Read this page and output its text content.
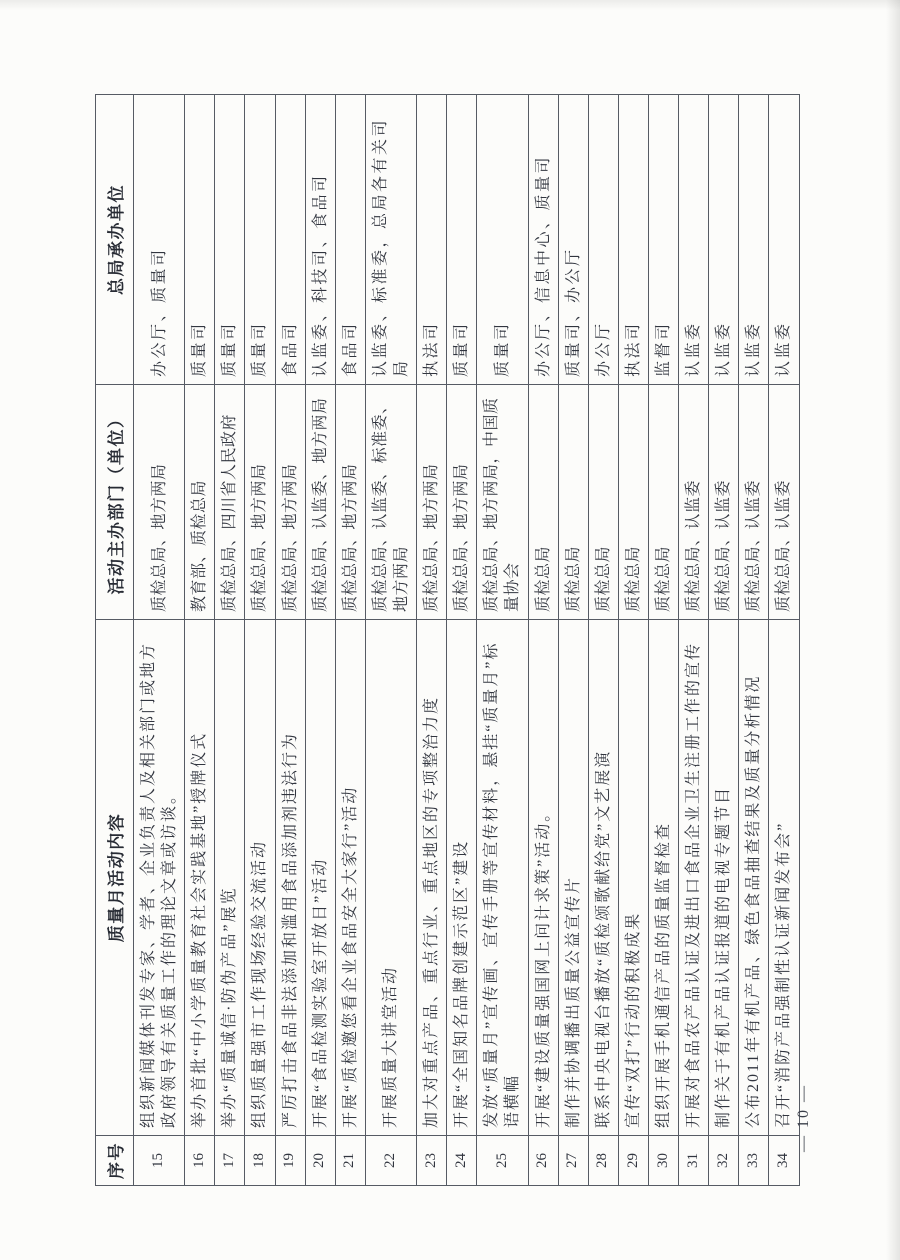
序号	质量月活动内容	活动主办部门（单位）	总局承办单位
15	组织新闻媒体刊发专家、学者、企业负责人及相关部门或地方政府领导有关质量工作的理论文章或访谈。	质检总局、地方两局	办公厅、质量司
16	举办首批“中小学质量教育社会实践基地”授牌仪式	教育部、质检总局	质量司
17	举办“质量诚信·防伪产品”展览	质检总局、四川省人民政府	质量司
18	组织质量强市工作现场经验交流活动	质检总局、地方两局	质量司
19	严厉打击食品非法添加和滥用食品添加剂违法行为	质检总局、地方两局	食品司
20	开展“食品检测实验室开放日”活动	质检总局、认监委、地方两局	认监委、科技司、食品司
21	开展“质检邀您看企业食品安全大家行”活动	质检总局、地方两局	食品司
22	开展质量大讲堂活动	质检总局、认监委、标准委、地方两局	认监委、标准委，总局各有关司局
23	加大对重点产品、重点行业、重点地区的专项整治力度	质检总局、地方两局	执法司
24	开展“全国知名品牌创建示范区”建设	质检总局、地方两局	质量司
25	发放“质量月”宣传画、宣传手册等宣传材料，悬挂“质量月”标语横幅	质检总局、地方两局，中国质量协会	质量司
26	开展“建设质量强国网上问计求策”活动。	质检总局	办公厅、信息中心、质量司
27	制作并协调播出质量公益宣传片	质检总局	质量司、办公厅
28	联系中央电视台播放“质检颂歌献给党”文艺展演	质检总局	办公厅
29	宣传“双打”行动的积极成果	质检总局	执法司
30	组织开展手机通信产品的质量监督检查	质检总局	监督司
31	开展对食品农产品认证及进出口食品企业卫生注册工作的宣传	质检总局、认监委	认监委
32	制作关于有机产品认证报道的电视专题节目	质检总局、认监委	认监委
33	公布2011年有机产品、绿色食品抽查结果及质量分析情况	质检总局、认监委	认监委
34	召开“消防产品强制性认证新闻发布会”	质检总局、认监委	认监委
— 10 —
